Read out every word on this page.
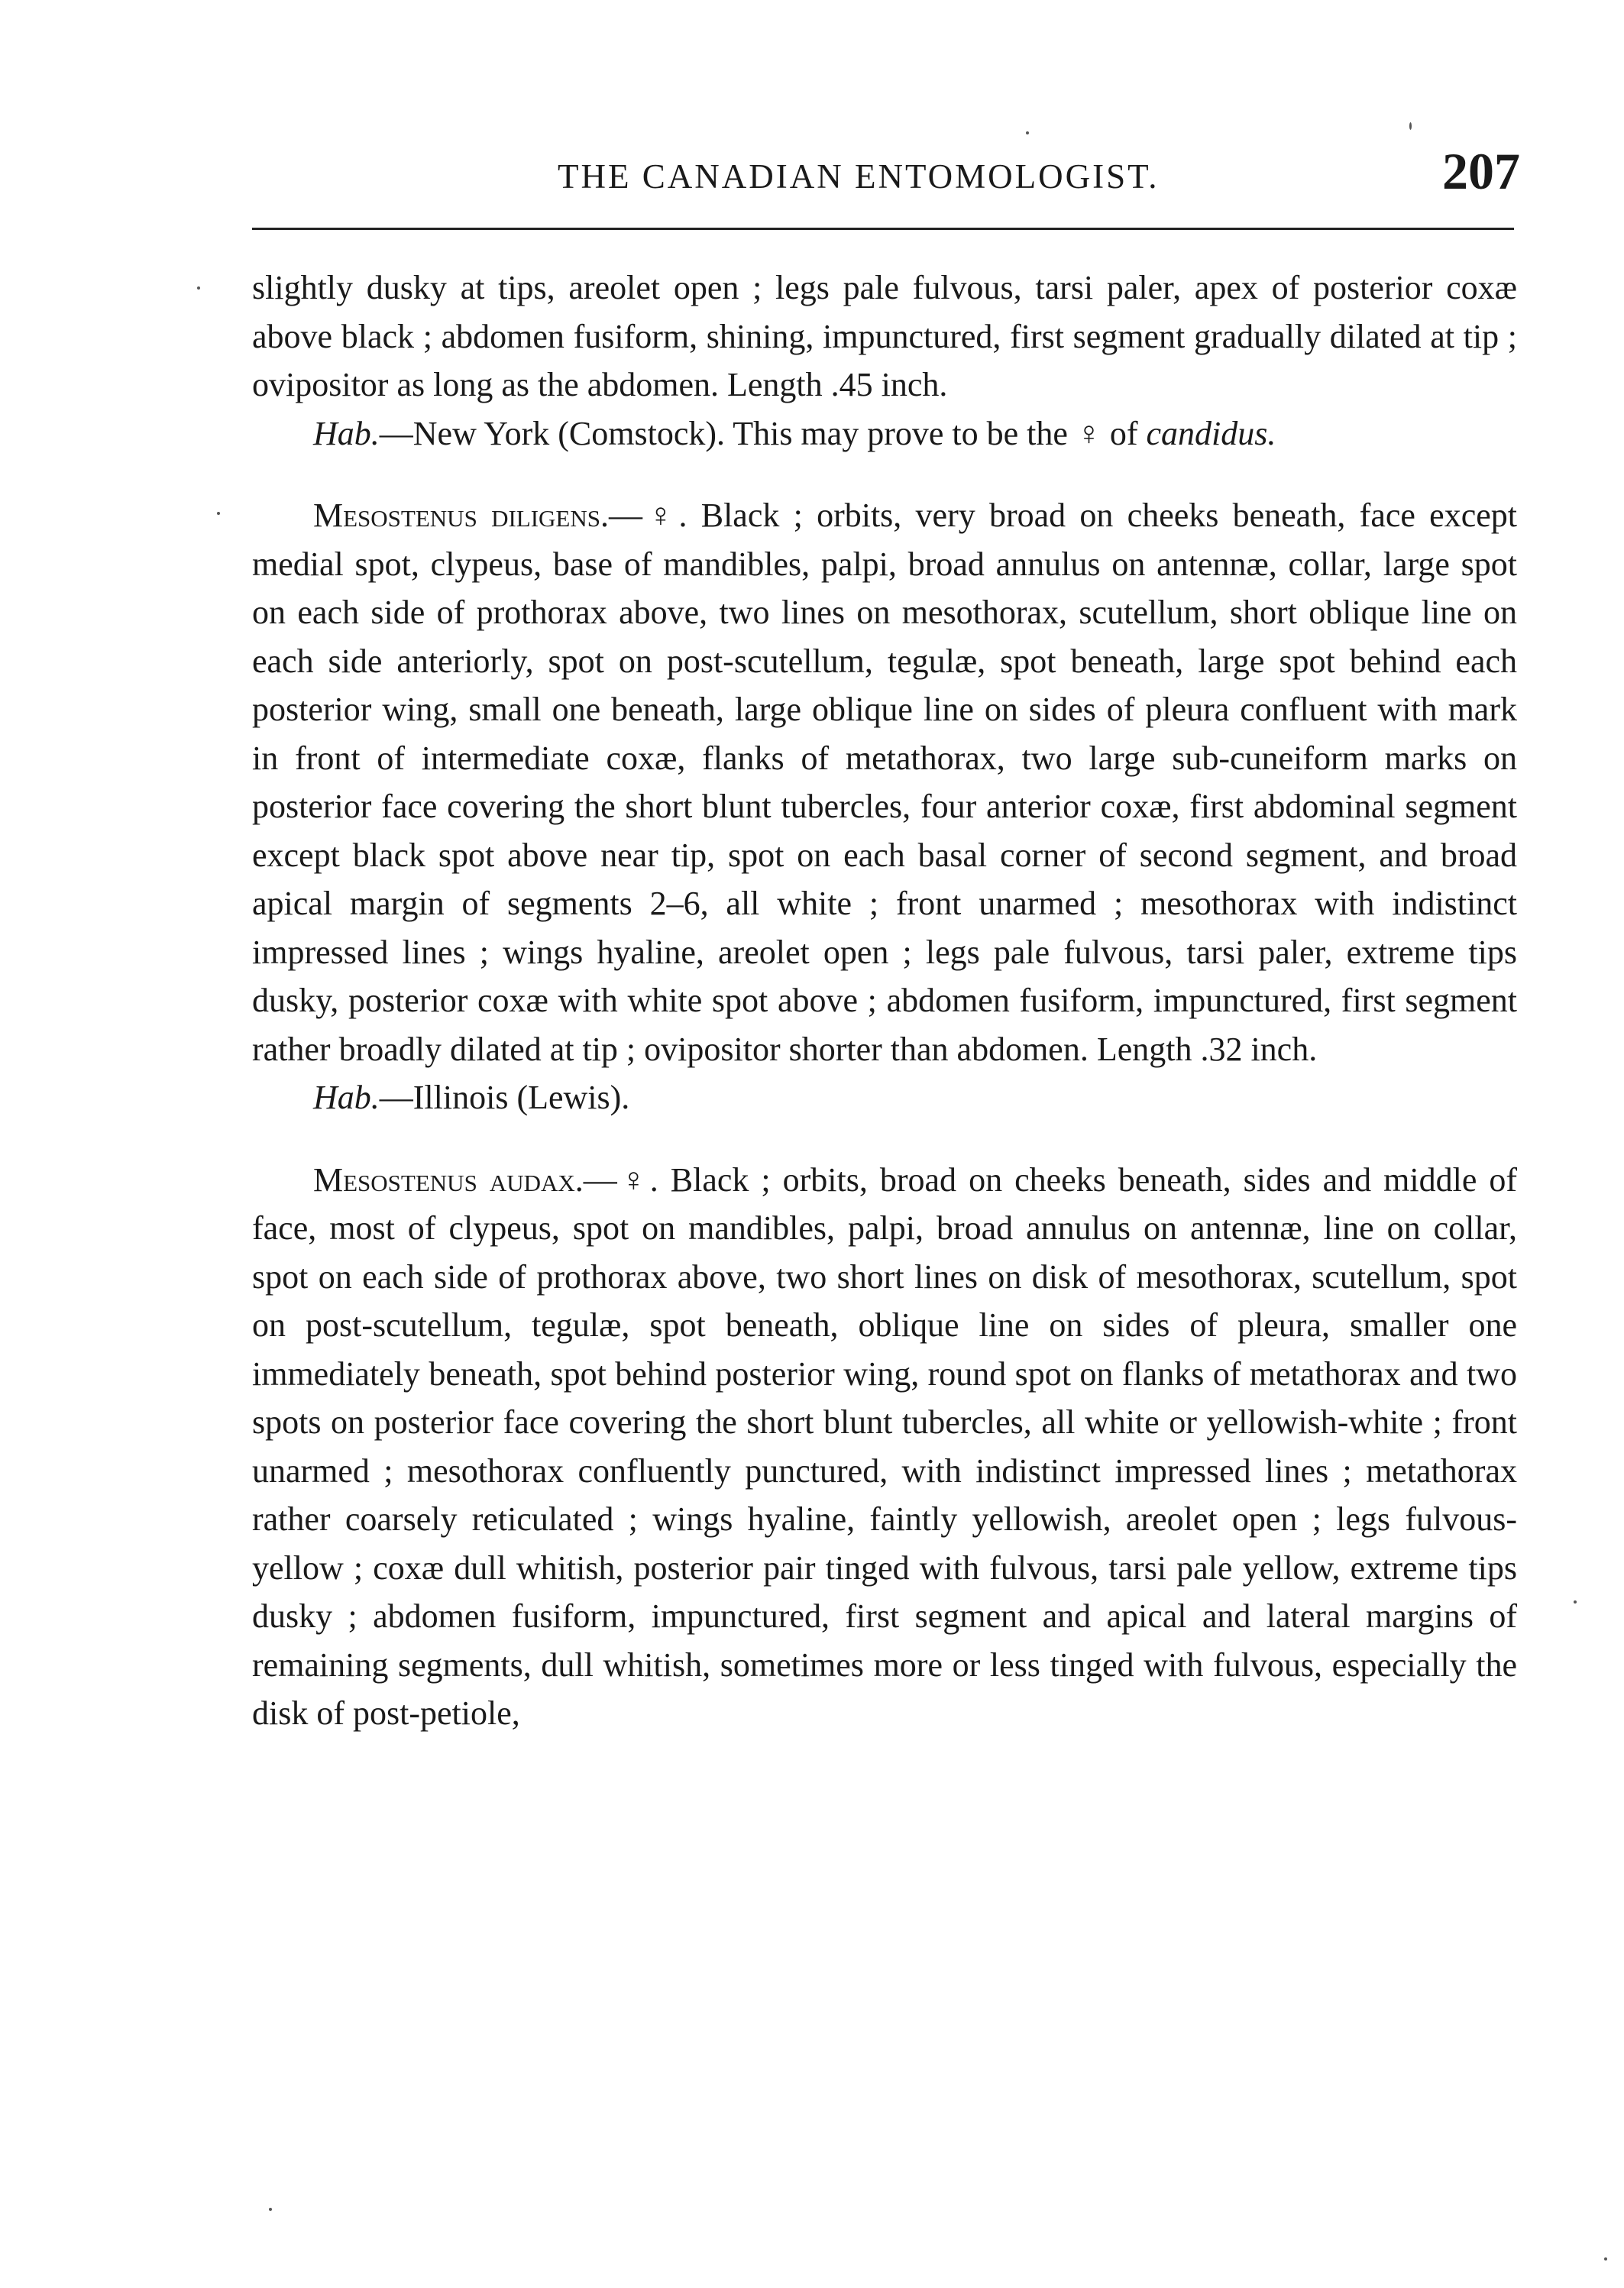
THE CANADIAN ENTOMOLOGIST.	207

slightly dusky at tips, areolet open ; legs pale fulvous, tarsi paler, apex of posterior coxæ above black ; abdomen fusiform, shining, impunctured, first segment gradually dilated at tip ; ovipositor as long as the abdomen. Length .45 inch.

Hab.—New York (Comstock). This may prove to be the ♀ of candidus.

Mesostenus diligens.—♀. Black ; orbits, very broad on cheeks beneath, face except medial spot, clypeus, base of mandibles, palpi, broad annulus on antennæ, collar, large spot on each side of prothorax above, two lines on mesothorax, scutellum, short oblique line on each side anteriorly, spot on post-scutellum, tegulæ, spot beneath, large spot behind each posterior wing, small one beneath, large oblique line on sides of pleura confluent with mark in front of intermediate coxæ, flanks of metathorax, two large sub-cuneiform marks on posterior face covering the short blunt tubercles, four anterior coxæ, first abdominal segment except black spot above near tip, spot on each basal corner of second segment, and broad apical margin of segments 2–6, all white ; front unarmed ; mesothorax with indistinct impressed lines ; wings hyaline, areolet open ; legs pale fulvous, tarsi paler, extreme tips dusky, posterior coxæ with white spot above ; abdomen fusiform, impunctured, first segment rather broadly dilated at tip ; ovipositor shorter than abdomen. Length .32 inch.

Hab.—Illinois (Lewis).

Mesostenus audax.—♀. Black ; orbits, broad on cheeks beneath, sides and middle of face, most of clypeus, spot on mandibles, palpi, broad annulus on antennæ, line on collar, spot on each side of prothorax above, two short lines on disk of mesothorax, scutellum, spot on post-scutellum, tegulæ, spot beneath, oblique line on sides of pleura, smaller one immediately beneath, spot behind posterior wing, round spot on flanks of metathorax and two spots on posterior face covering the short blunt tubercles, all white or yellowish-white ; front unarmed ; mesothorax confluently punctured, with indistinct impressed lines ; metathorax rather coarsely reticulated ; wings hyaline, faintly yellowish, areolet open ; legs fulvous-yellow ; coxæ dull whitish, posterior pair tinged with fulvous, tarsi pale yellow, extreme tips dusky ; abdomen fusiform, impunctured, first segment and apical and lateral margins of remaining segments, dull whitish, sometimes more or less tinged with fulvous, especially the disk of post-petiole,
